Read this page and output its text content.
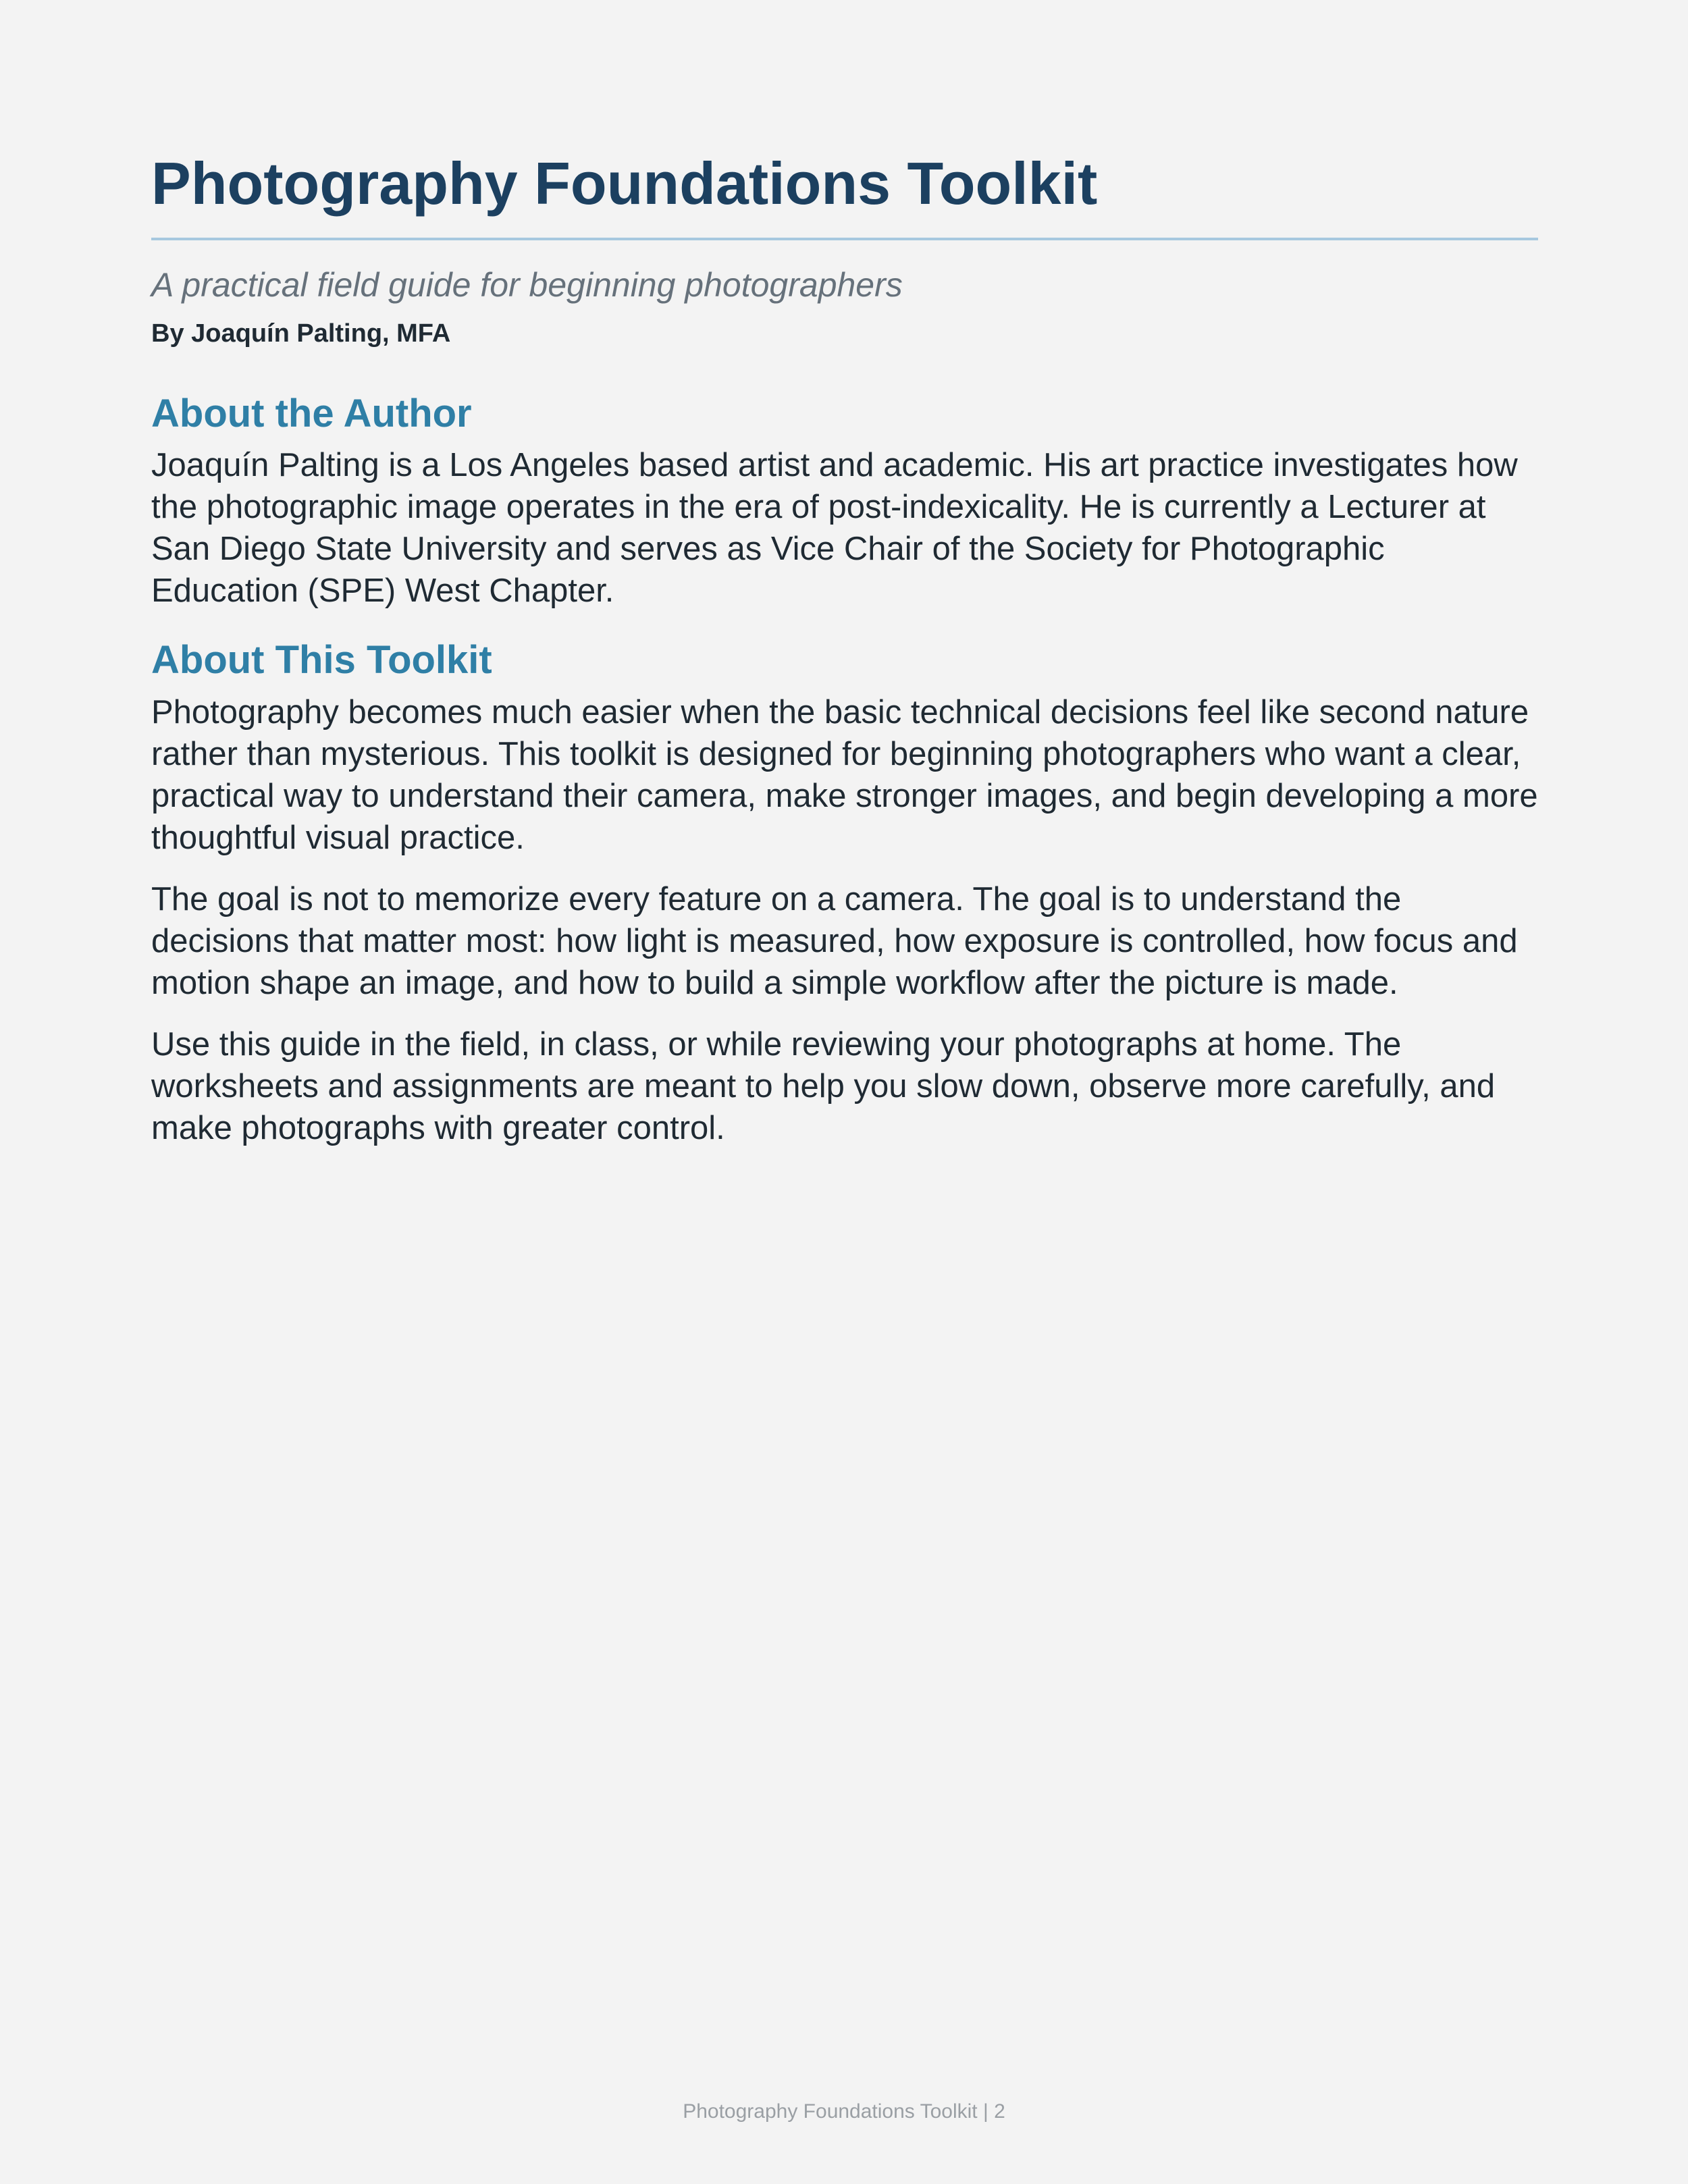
Photography Foundations Toolkit
A practical field guide for beginning photographers
By Joaquín Palting, MFA
About the Author

Joaquín Palting is a Los Angeles based artist and academic. His art practice investigates how the photographic image operates in the era of post-indexicality. He is currently a Lecturer at San Diego State University and serves as Vice Chair of the Society for Photographic Education (SPE) West Chapter.

About This Toolkit

Photography becomes much easier when the basic technical decisions feel like second nature rather than mysterious. This toolkit is designed for beginning photographers who want a clear, practical way to understand their camera, make stronger images, and begin developing a more thoughtful visual practice.

The goal is not to memorize every feature on a camera. The goal is to understand the decisions that matter most: how light is measured, how exposure is controlled, how focus and motion shape an image, and how to build a simple workflow after the picture is made.

Use this guide in the field, in class, or while reviewing your photographs at home. The worksheets and assignments are meant to help you slow down, observe more carefully, and make photographs with greater control.

Photography Foundations Toolkit | 2
